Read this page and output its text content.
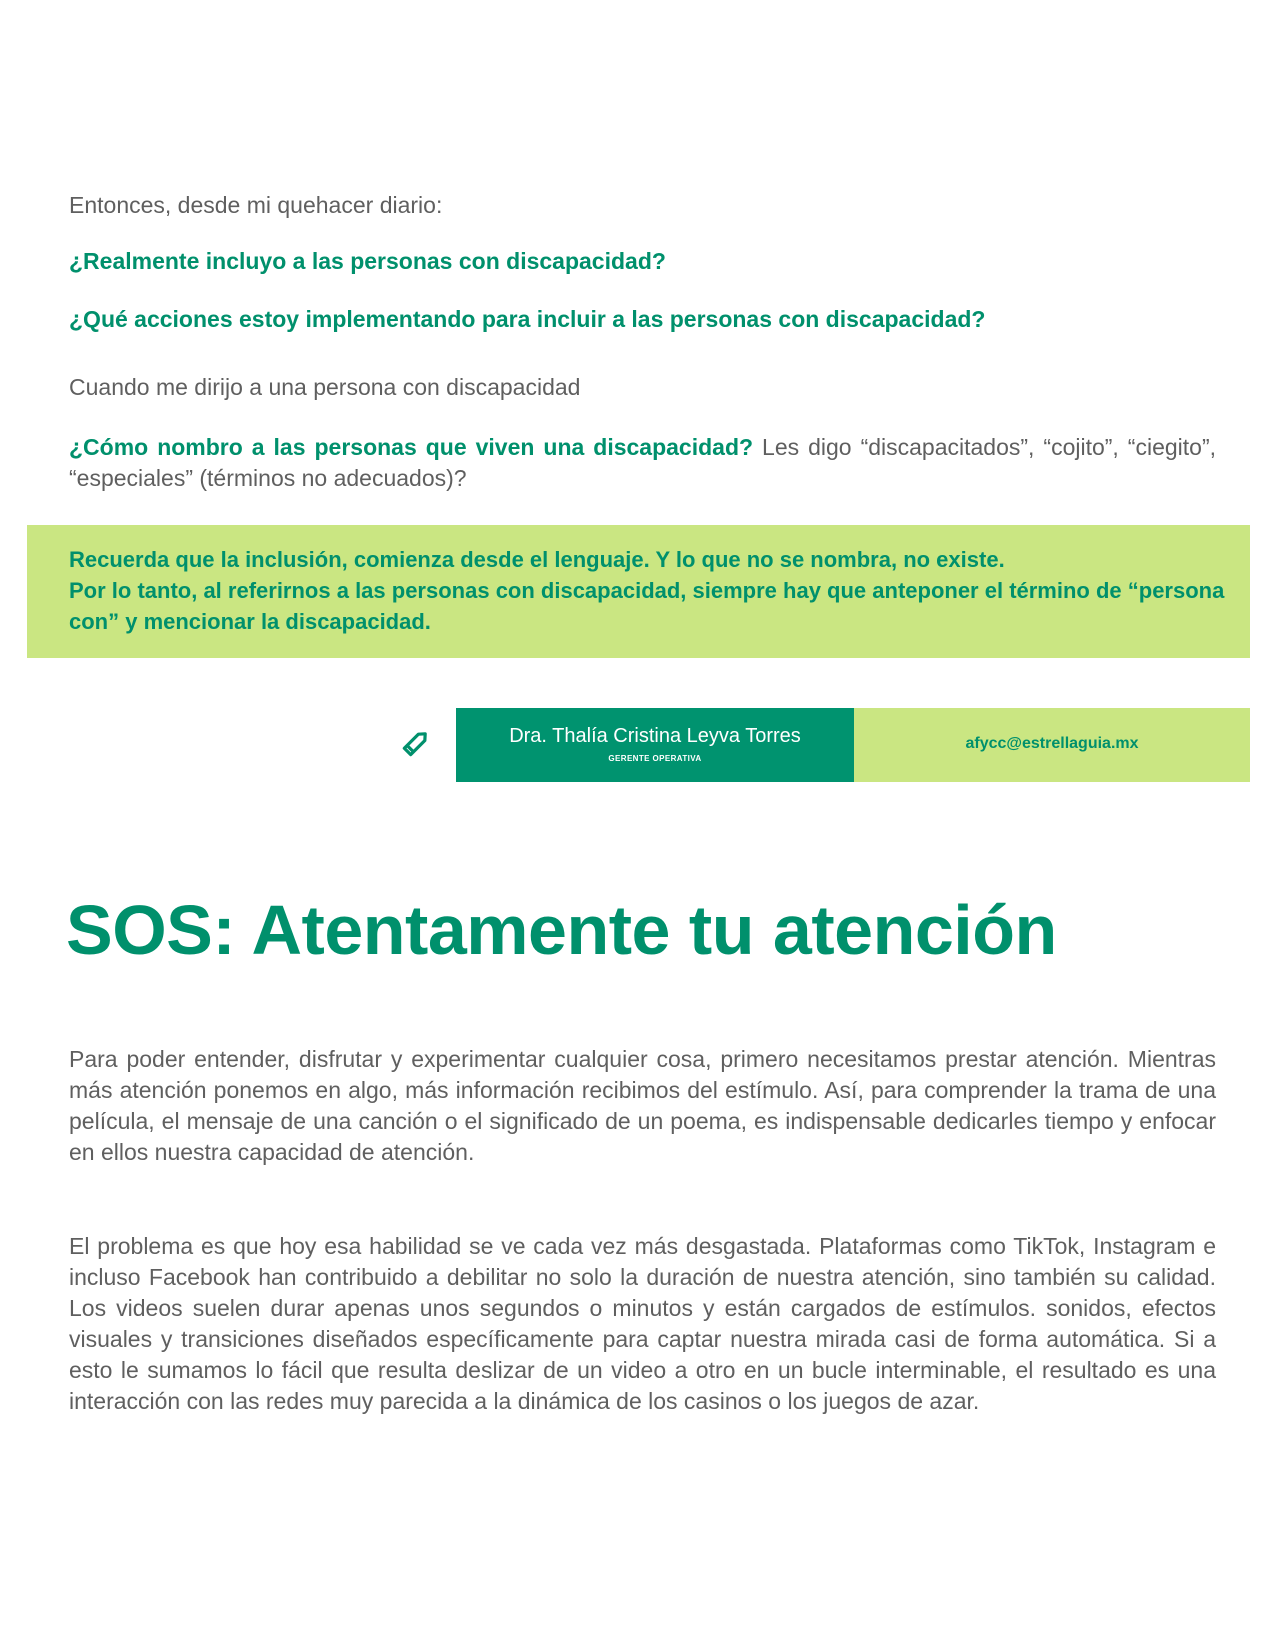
Entonces, desde mi quehacer diario:
¿Realmente incluyo a las personas con discapacidad?
¿Qué acciones estoy implementando para incluir a las personas con discapacidad?
Cuando me dirijo a una persona con discapacidad
¿Cómo nombro a las personas que viven una discapacidad? Les digo “discapacitados”, “cojito”, “ciegito”, “especiales” (términos no adecuados)?
Recuerda que la inclusión, comienza desde el lenguaje. Y lo que no se nombra, no existe.
Por lo tanto, al referirnos a las personas con discapacidad, siempre hay que anteponer el término de “persona con” y mencionar la discapacidad.
Dra. Thalía Cristina Leyva Torres
GERENTE OPERATIVA
afycc@estrellaguia.mx
SOS: Atentamente tu atención
Para poder entender, disfrutar y experimentar cualquier cosa, primero necesitamos prestar atención. Mientras más atención ponemos en algo, más información recibimos del estímulo. Así, para comprender la trama de una película, el mensaje de una canción o el significado de un poema, es indispensable dedicarles tiempo y enfocar en ellos nuestra capacidad de atención.
El problema es que hoy esa habilidad se ve cada vez más desgastada. Plataformas como TikTok, Instagram e incluso Facebook han contribuido a debilitar no solo la duración de nuestra atención, sino también su calidad. Los videos suelen durar apenas unos segundos o minutos y están cargados de estímulos. sonidos, efectos visuales y transiciones diseñados específicamente para captar nuestra mirada casi de forma automática. Si a esto le sumamos lo fácil que resulta deslizar de un video a otro en un bucle interminable, el resultado es una interacción con las redes muy parecida a la dinámica de los casinos o los juegos de azar.
